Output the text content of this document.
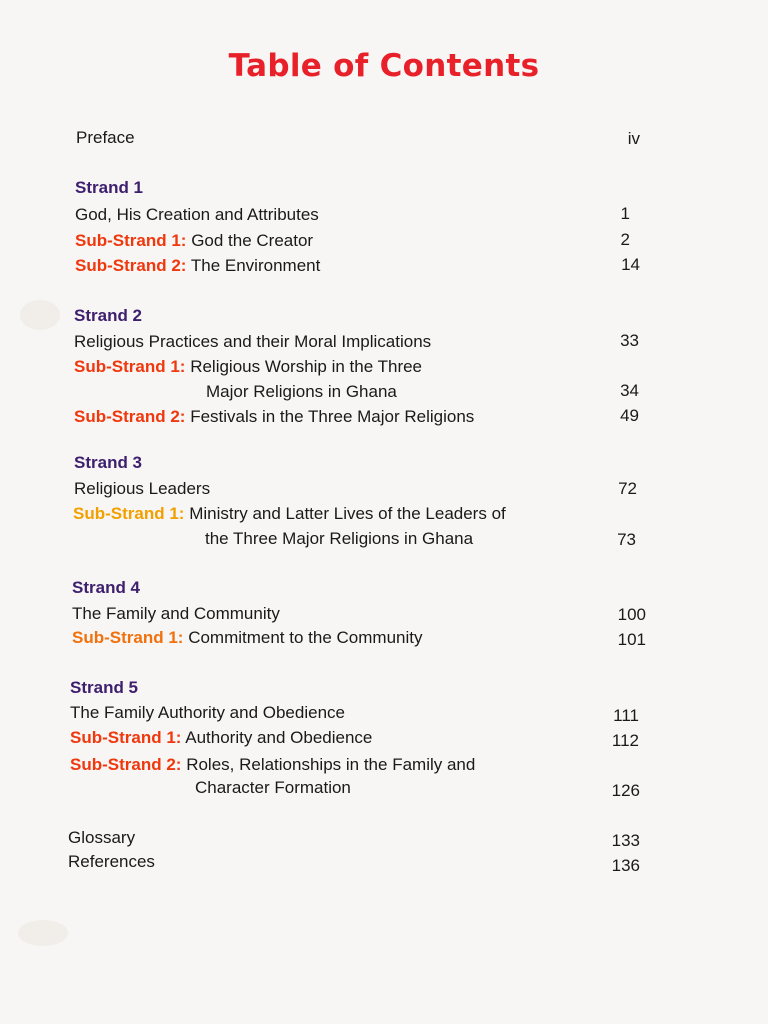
Table of Contents
Preface	iv
Strand 1
God, His Creation and Attributes	1
Sub-Strand 1: God the Creator	2
Sub-Strand 2: The Environment	14
Strand 2
Religious Practices and their Moral Implications	33
Sub-Strand 1: Religious Worship in the Three
Major Religions in Ghana	34
Sub-Strand 2: Festivals in the Three Major Religions	49
Strand 3
Religious Leaders	72
Sub-Strand 1: Ministry and Latter Lives of the Leaders of
the Three Major Religions in Ghana	73
Strand 4
The Family and Community	100
Sub-Strand 1: Commitment to the Community	101
Strand 5
The Family Authority and Obedience	111
Sub-Strand 1: Authority and Obedience	112
Sub-Strand 2: Roles, Relationships in the Family and
Character Formation	126
Glossary	133
References	136
